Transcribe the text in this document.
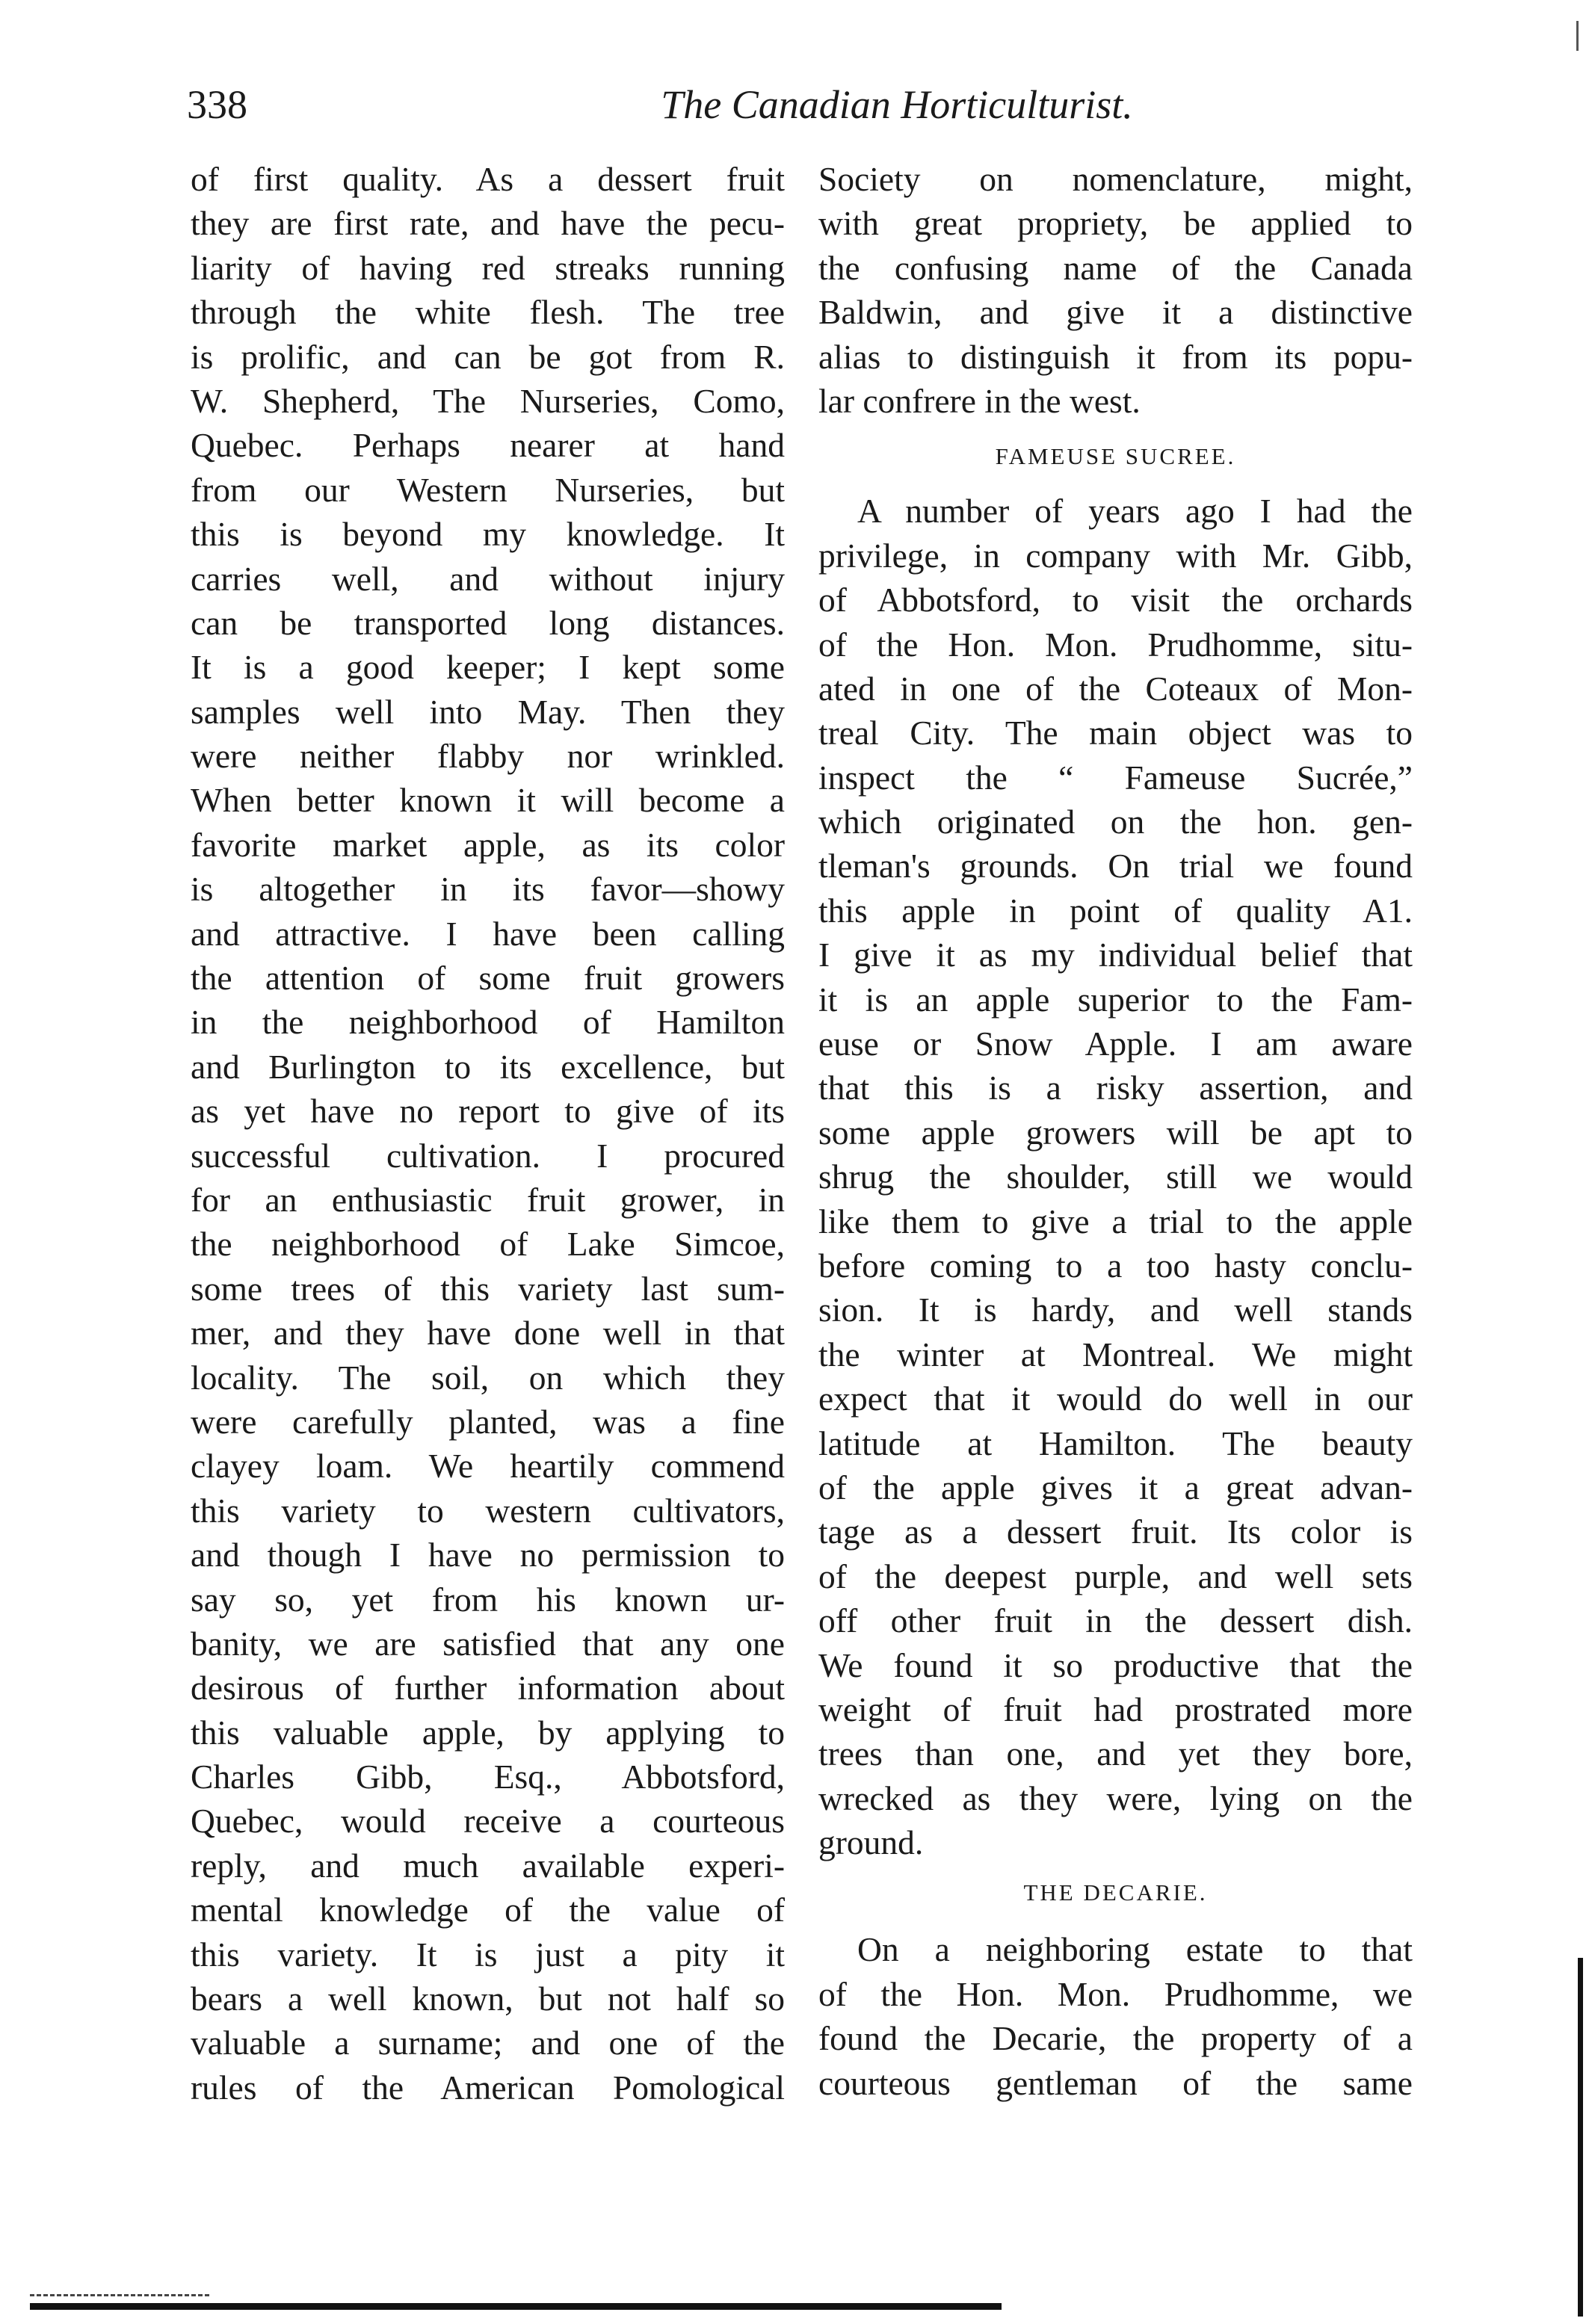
338	The Canadian Horticulturist.
of first quality. As a dessert fruit
they are first rate, and have the pecu-
liarity of having red streaks running
through the white flesh. The tree
is prolific, and can be got from R.
W. Shepherd, The Nurseries, Como,
Quebec. Perhaps nearer at hand
from our Western Nurseries, but
this is beyond my knowledge. It
carries well, and without injury
can be transported long distances.
It is a good keeper; I kept some
samples well into May. Then they
were neither flabby nor wrinkled.
When better known it will become a
favorite market apple, as its color
is altogether in its favor—showy
and attractive. I have been calling
the attention of some fruit growers
in the neighborhood of Hamilton
and Burlington to its excellence, but
as yet have no report to give of its
successful cultivation. I procured
for an enthusiastic fruit grower, in
the neighborhood of Lake Simcoe,
some trees of this variety last sum-
mer, and they have done well in that
locality. The soil, on which they
were carefully planted, was a fine
clayey loam. We heartily commend
this variety to western cultivators,
and though I have no permission to
say so, yet from his known ur-
banity, we are satisfied that any one
desirous of further information about
this valuable apple, by applying to
Charles Gibb, Esq., Abbotsford,
Quebec, would receive a courteous
reply, and much available experi-
mental knowledge of the value of
this variety. It is just a pity it
bears a well known, but not half so
valuable a surname; and one of the
rules of the American Pomological
Society on nomenclature, might,
with great propriety, be applied to
the confusing name of the Canada
Baldwin, and give it a distinctive
alias to distinguish it from its popu-
lar confrere in the west.
FAMEUSE SUCREE.
A number of years ago I had the
privilege, in company with Mr. Gibb,
of Abbotsford, to visit the orchards
of the Hon. Mon. Prudhomme, situ-
ated in one of the Coteaux of Mon-
treal City. The main object was to
inspect the “ Fameuse Sucrée,”
which originated on the hon. gen-
tleman's grounds. On trial we found
this apple in point of quality A1.
I give it as my individual belief that
it is an apple superior to the Fam-
euse or Snow Apple. I am aware
that this is a risky assertion, and
some apple growers will be apt to
shrug the shoulder, still we would
like them to give a trial to the apple
before coming to a too hasty conclu-
sion. It is hardy, and well stands
the winter at Montreal. We might
expect that it would do well in our
latitude at Hamilton. The beauty
of the apple gives it a great advan-
tage as a dessert fruit. Its color is
of the deepest purple, and well sets
off other fruit in the dessert dish.
We found it so productive that the
weight of fruit had prostrated more
trees than one, and yet they bore,
wrecked as they were, lying on the
ground.
THE DECARIE.
On a neighboring estate to that
of the Hon. Mon. Prudhomme, we
found the Decarie, the property of a
courteous gentleman of the same
